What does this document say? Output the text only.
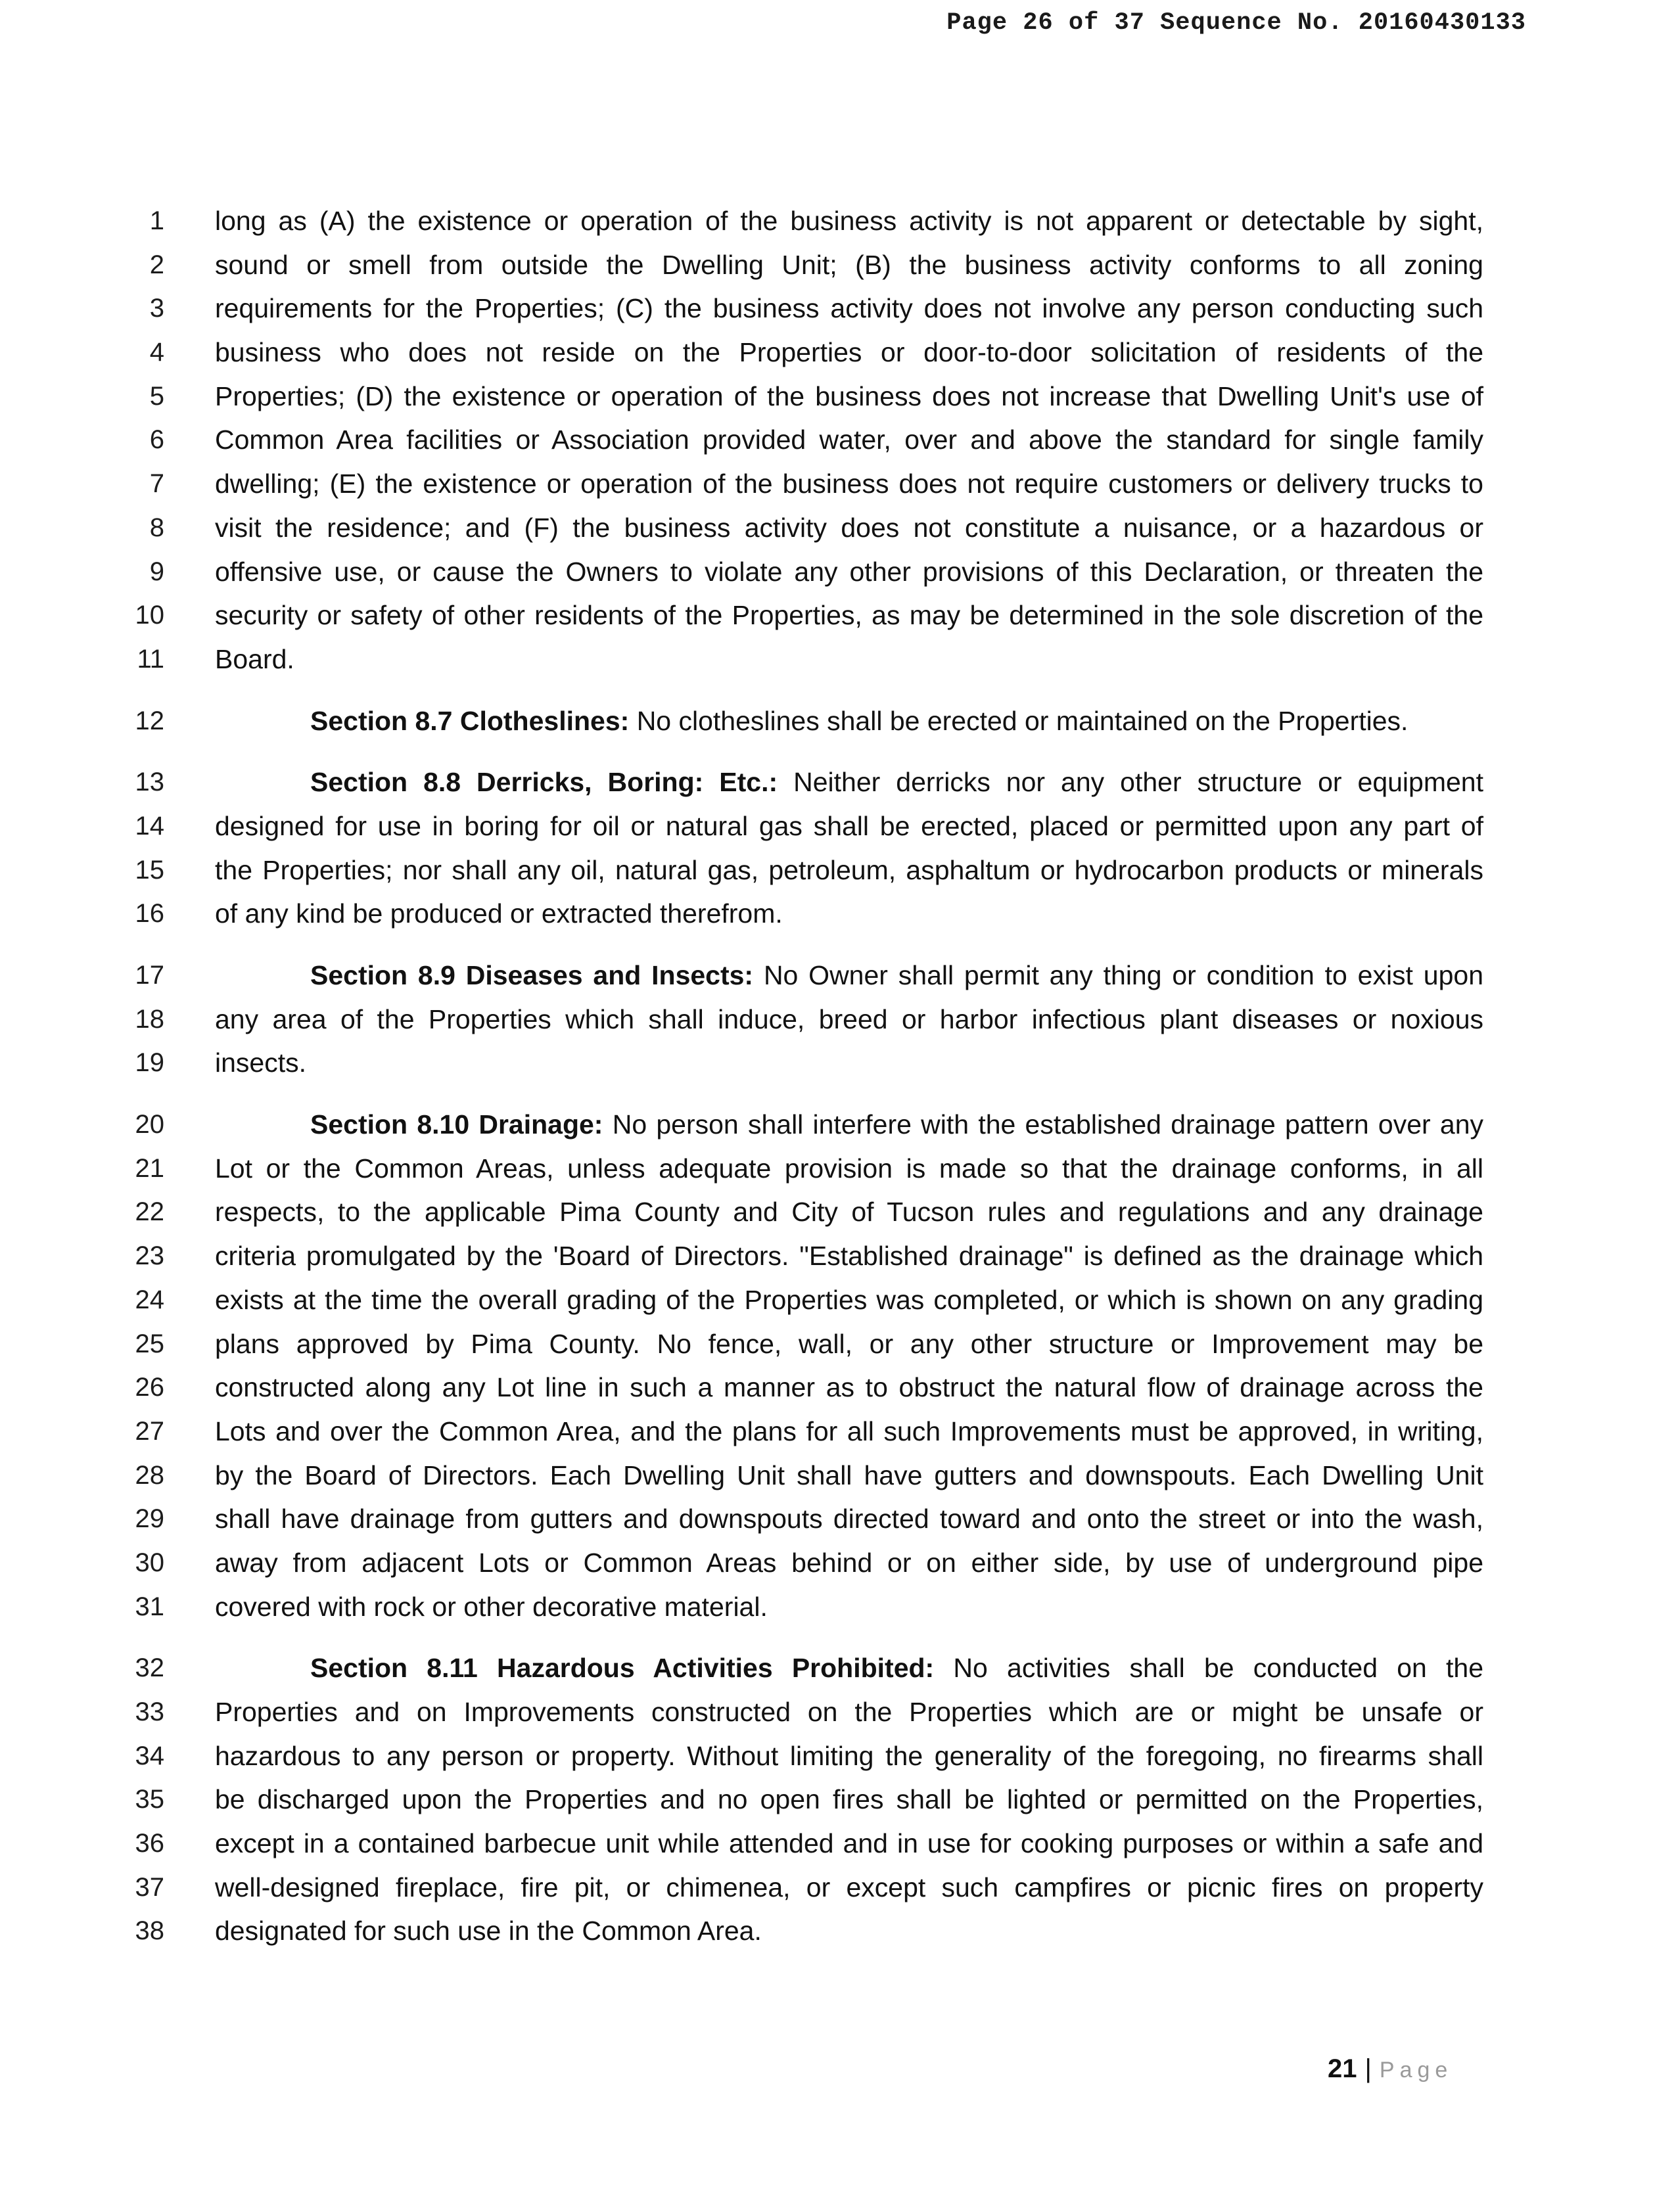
Page 26 of 37 Sequence No. 20160430133
1 long as (A) the existence or operation of the business activity is not apparent or detectable by sight,
2 sound or smell from outside the Dwelling Unit; (B) the business activity conforms to all zoning
3 requirements for the Properties; (C) the business activity does not involve any person conducting such
4 business who does not reside on the Properties or door-to-door solicitation of residents of the
5 Properties; (D) the existence or operation of the business does not increase that Dwelling Unit's use of
6 Common Area facilities or Association provided water, over and above the standard for single family
7 dwelling; (E) the existence or operation of the business does not require customers or delivery trucks to
8 visit the residence; and (F) the business activity does not constitute a nuisance, or a hazardous or
9 offensive use, or cause the Owners to violate any other provisions of this Declaration, or threaten the
10 security or safety of other residents of the Properties, as may be determined in the sole discretion of the
11 Board.
12	Section 8.7 Clotheslines: No clotheslines shall be erected or maintained on the Properties.
13	Section 8.8 Derricks, Boring: Etc.: Neither derricks nor any other structure or equipment
14 designed for use in boring for oil or natural gas shall be erected, placed or permitted upon any part of
15 the Properties; nor shall any oil, natural gas, petroleum, asphaltum or hydrocarbon products or minerals
16 of any kind be produced or extracted therefrom.
17	Section 8.9 Diseases and Insects: No Owner shall permit any thing or condition to exist upon
18 any area of the Properties which shall induce, breed or harbor infectious plant diseases or noxious
19 insects.
20	Section 8.10 Drainage: No person shall interfere with the established drainage pattern over any
21 Lot or the Common Areas, unless adequate provision is made so that the drainage conforms, in all
22 respects, to the applicable Pima County and City of Tucson rules and regulations and any drainage
23 criteria promulgated by the 'Board of Directors. "Established drainage" is defined as the drainage which
24 exists at the time the overall grading of the Properties was completed, or which is shown on any grading
25 plans approved by Pima County. No fence, wall, or any other structure or Improvement may be
26 constructed along any Lot line in such a manner as to obstruct the natural flow of drainage across the
27 Lots and over the Common Area, and the plans for all such Improvements must be approved, in writing,
28 by the Board of Directors. Each Dwelling Unit shall have gutters and downspouts. Each Dwelling Unit
29 shall have drainage from gutters and downspouts directed toward and onto the street or into the wash,
30 away from adjacent Lots or Common Areas behind or on either side, by use of underground pipe
31 covered with rock or other decorative material.
32	Section 8.11 Hazardous Activities Prohibited: No activities shall be conducted on the
33 Properties and on Improvements constructed on the Properties which are or might be unsafe or
34 hazardous to any person or property. Without limiting the generality of the foregoing, no firearms shall
35 be discharged upon the Properties and no open fires shall be lighted or permitted on the Properties,
36 except in a contained barbecue unit while attended and in use for cooking purposes or within a safe and
37 well-designed fireplace, fire pit, or chimenea, or except such campfires or picnic fires on property
38 designated for such use in the Common Area.
21 | Page
